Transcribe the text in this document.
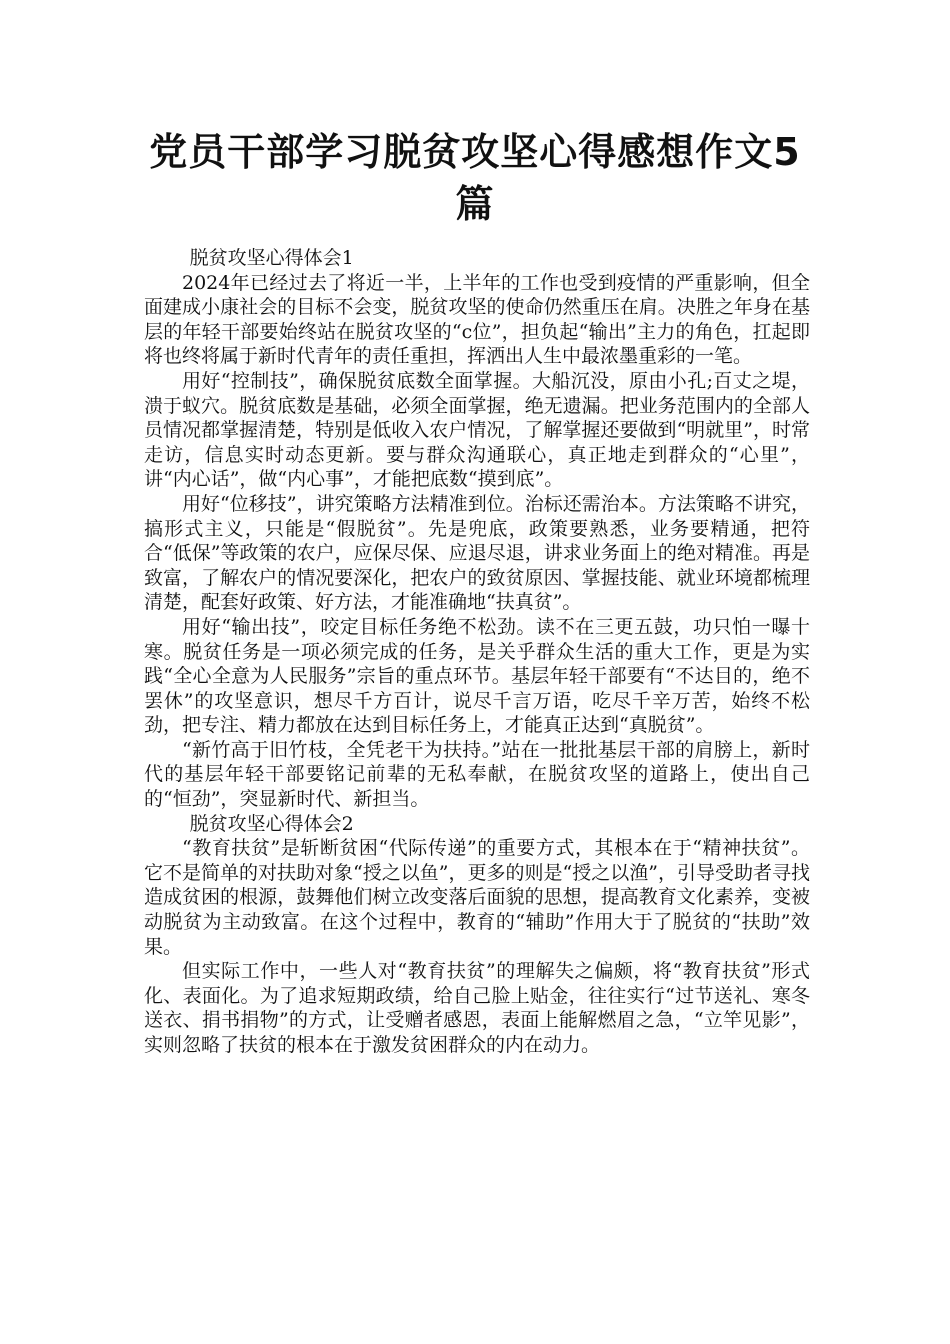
党员干部学习脱贫攻坚心得感想作文5篇

脱贫攻坚心得体会1

2024年已经过去了将近一半，上半年的工作也受到疫情的严重影响，但全面建成小康社会的目标不会变，脱贫攻坚的使命仍然重压在肩。决胜之年身在基层的年轻干部要始终站在脱贫攻坚的“c位”，担负起“输出”主力的角色，扛起即将也终将属于新时代青年的责任重担，挥洒出人生中最浓墨重彩的一笔。

用好“控制技”，确保脱贫底数全面掌握。大船沉没，原由小孔;百丈之堤，溃于蚁穴。脱贫底数是基础，必须全面掌握，绝无遗漏。把业务范围内的全部人员情况都掌握清楚，特别是低收入农户情况，了解掌握还要做到“明就里”，时常走访，信息实时动态更新。要与群众沟通联心，真正地走到群众的“心里”，讲“内心话”，做“内心事”，才能把底数“摸到底”。

用好“位移技”，讲究策略方法精准到位。治标还需治本。方法策略不讲究，搞形式主义，只能是“假脱贫”。先是兜底，政策要熟悉，业务要精通，把符合“低保”等政策的农户，应保尽保、应退尽退，讲求业务面上的绝对精准。再是致富，了解农户的情况要深化，把农户的致贫原因、掌握技能、就业环境都梳理清楚，配套好政策、好方法，才能准确地“扶真贫”。

用好“输出技”，咬定目标任务绝不松劲。读不在三更五鼓，功只怕一曝十寒。脱贫任务是一项必须完成的任务，是关乎群众生活的重大工作，更是为实践“全心全意为人民服务”宗旨的重点环节。基层年轻干部要有“不达目的，绝不罢休”的攻坚意识，想尽千方百计，说尽千言万语，吃尽千辛万苦，始终不松劲，把专注、精力都放在达到目标任务上，才能真正达到“真脱贫”。

“新竹高于旧竹枝，全凭老干为扶持。”站在一批批基层干部的肩膀上，新时代的基层年轻干部要铭记前辈的无私奉献，在脱贫攻坚的道路上，使出自己的“恒劲”，突显新时代、新担当。

脱贫攻坚心得体会2

“教育扶贫”是斩断贫困“代际传递”的重要方式，其根本在于“精神扶贫”。它不是简单的对扶助对象“授之以鱼”，更多的则是“授之以渔”，引导受助者寻找造成贫困的根源，鼓舞他们树立改变落后面貌的思想，提高教育文化素养，变被动脱贫为主动致富。在这个过程中，教育的“辅助”作用大于了脱贫的“扶助”效果。

但实际工作中，一些人对“教育扶贫”的理解失之偏颇，将“教育扶贫”形式化、表面化。为了追求短期政绩，给自己脸上贴金，往往实行“过节送礼、寒冬送衣、捐书捐物”的方式，让受赠者感恩，表面上能解燃眉之急，“立竿见影”，实则忽略了扶贫的根本在于激发贫困群众的内在动力。
